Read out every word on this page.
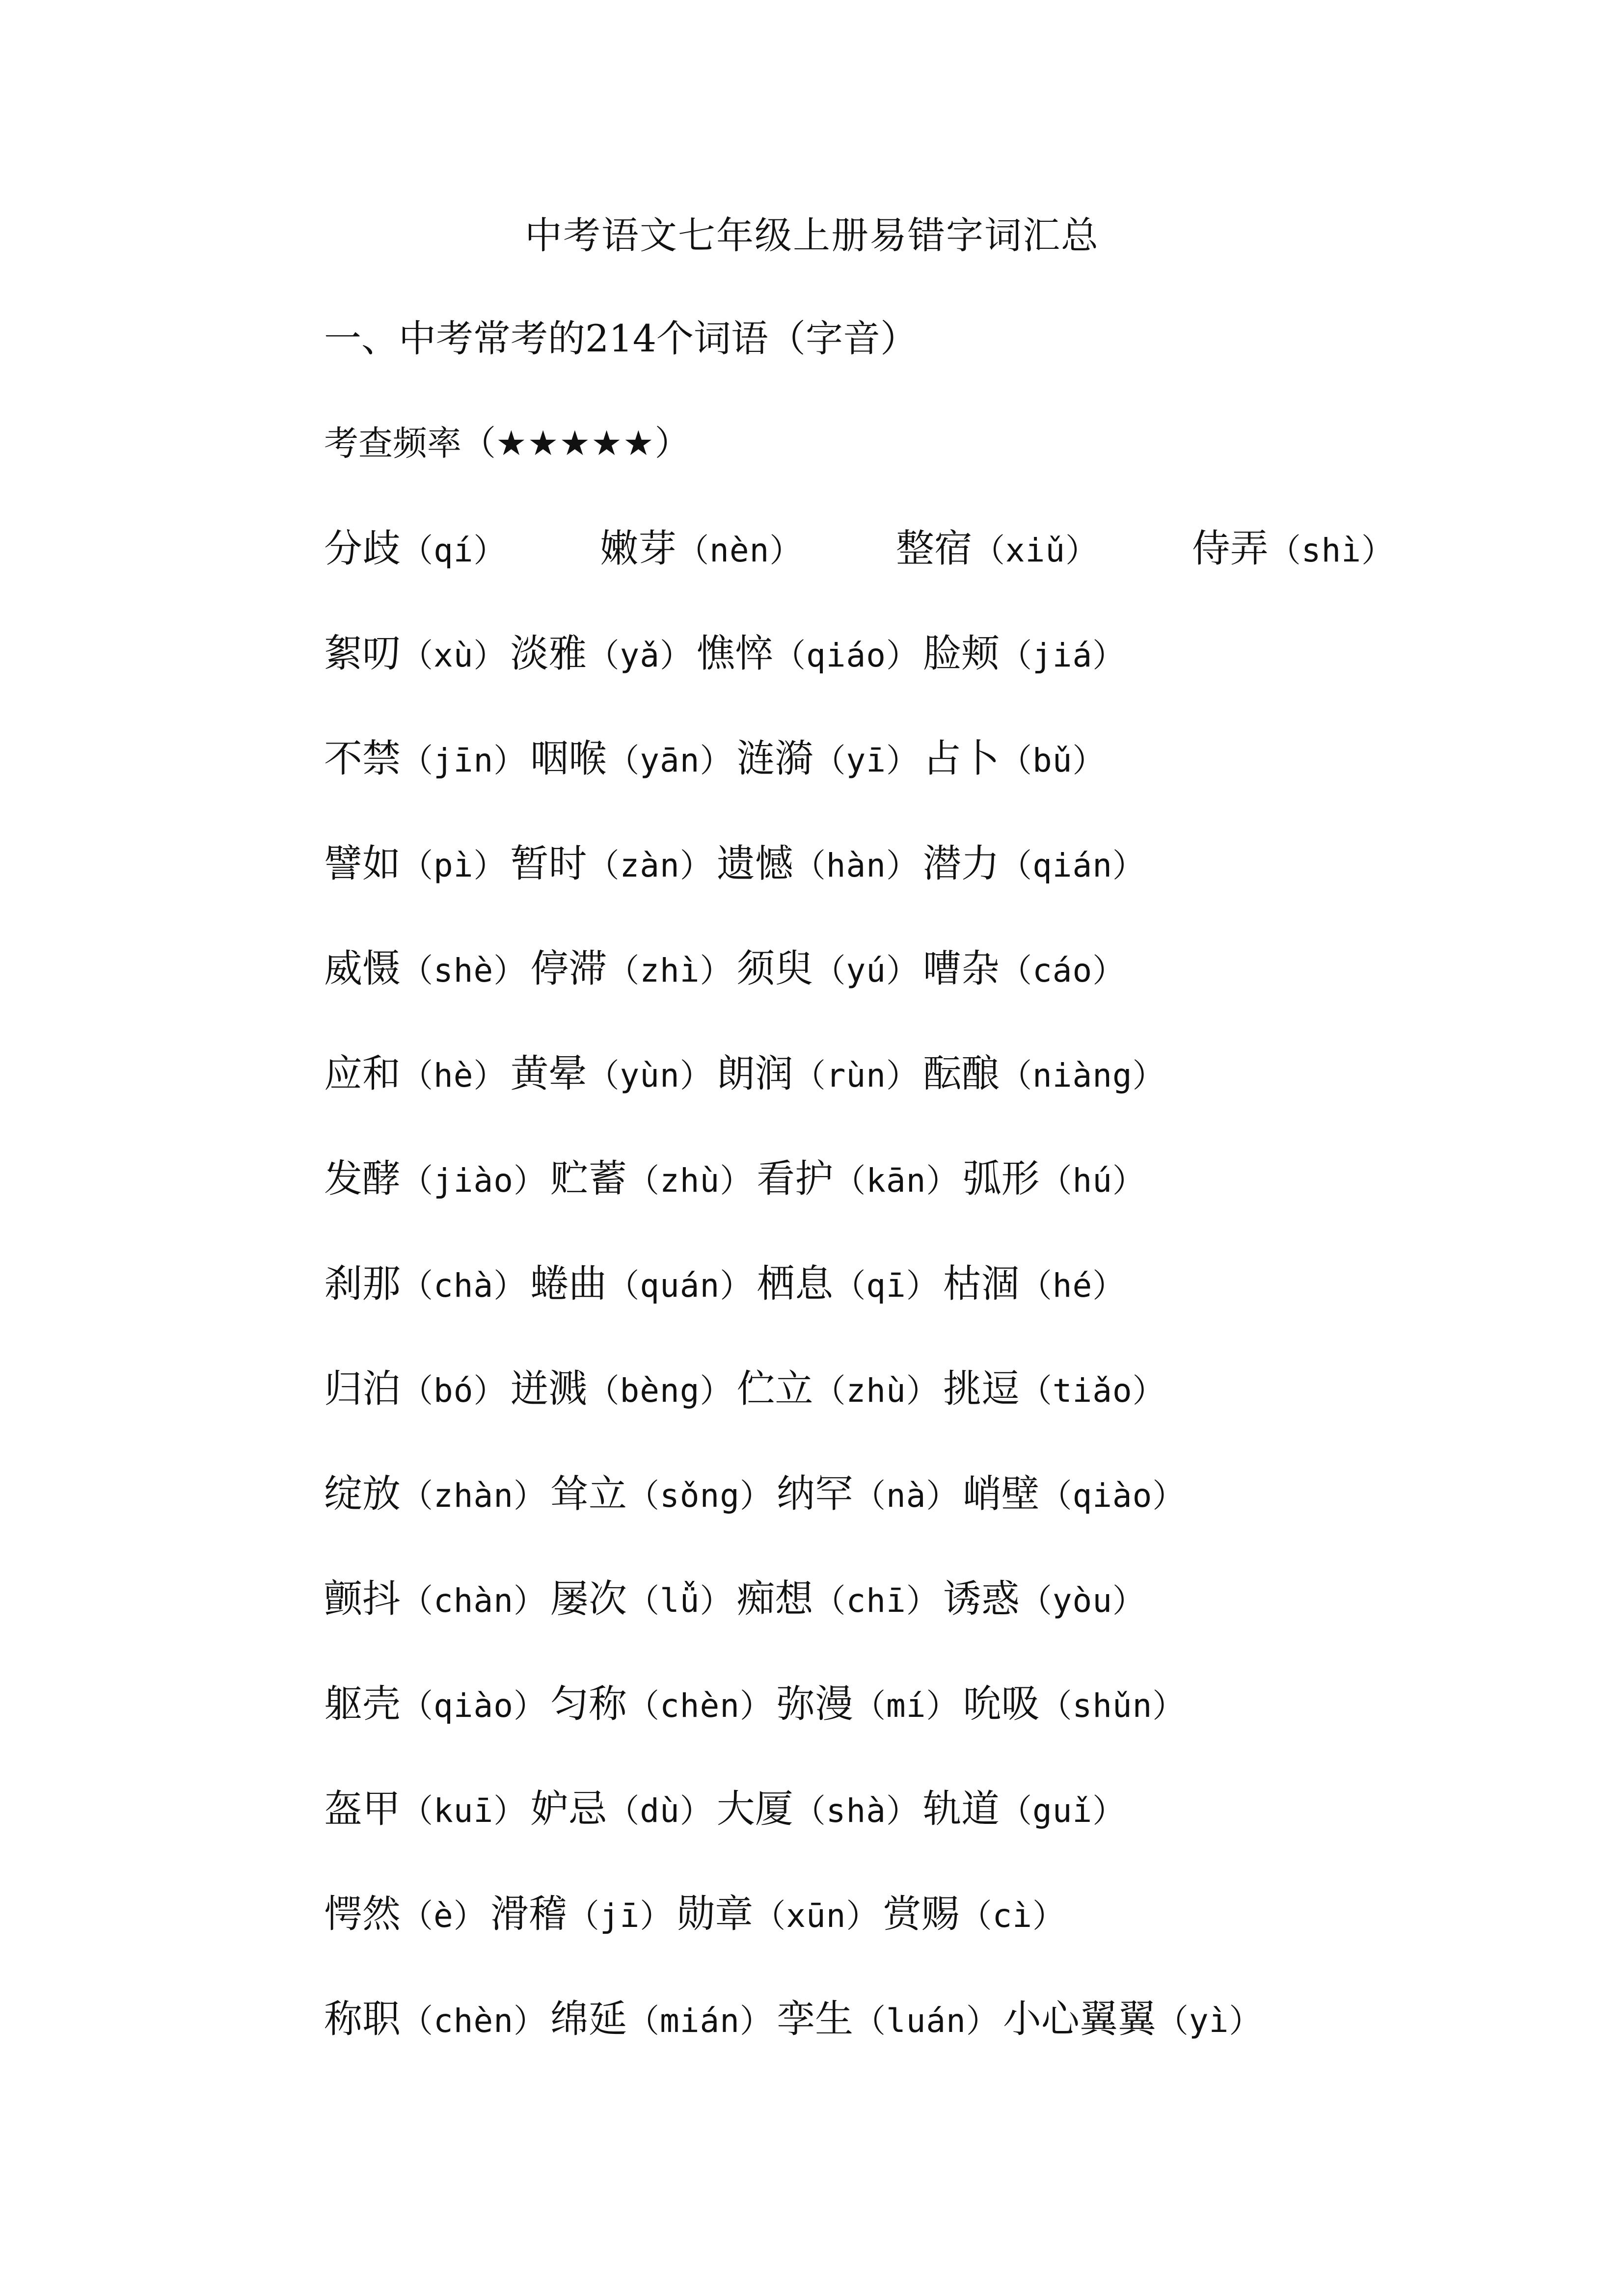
中考语文七年级上册易错字词汇总
一、中考常考的214个词语（字音）
考查频率（★★★★★）
分歧（qí） 嫩芽（nèn） 整宿（xiǔ） 侍弄（shì）
絮叨（xù） 淡雅（yǎ） 憔悴（qiáo） 脸颊（jiá）
不禁（jīn） 咽喉（yān） 涟漪（yī） 占卜（bǔ）
譬如（pì） 暂时（zàn） 遗憾（hàn） 潜力（qián）
威慑（shè） 停滞（zhì） 须臾（yú） 嘈杂（cáo）
应和（hè） 黄晕（yùn） 朗润（rùn） 酝酿（niàng）
发酵（jiào） 贮蓄（zhù） 看护（kān） 弧形（hú）
刹那（chà） 蜷曲（quán） 栖息（qī） 枯涸（hé）
归泊（bó） 迸溅（bèng） 伫立（zhù） 挑逗（tiǎo）
绽放（zhàn） 耸立（sǒng） 纳罕（nà） 峭壁（qiào）
颤抖（chàn） 屡次（lǚ） 痴想（chī） 诱惑（yòu）
躯壳（qiào） 匀称（chèn） 弥漫（mí） 吮吸（shǔn）
盔甲（kuī） 妒忌（dù） 大厦（shà） 轨道（guǐ）
愕然（è） 滑稽（jī） 勋章（xūn） 赏赐（cì）
称职（chèn） 绵延（mián） 孪生（luán） 小心翼翼（yì）
